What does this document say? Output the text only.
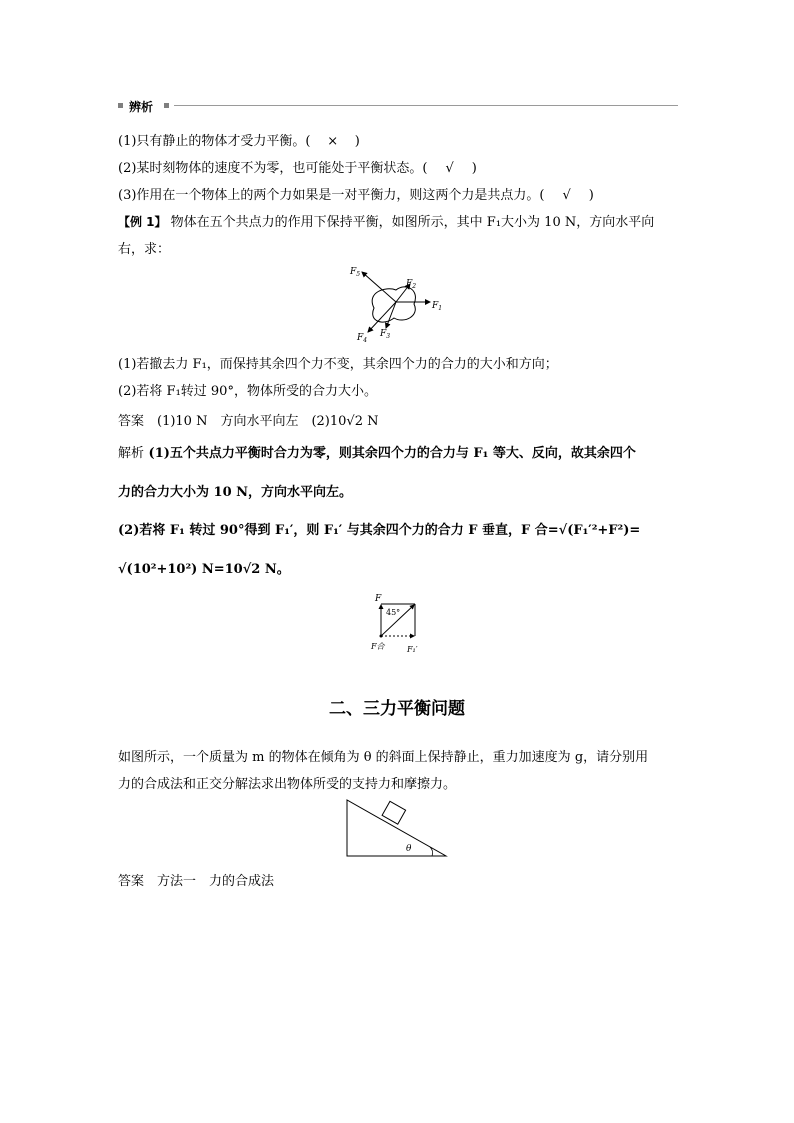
辨析
(1)只有静止的物体才受力平衡。( × )
(2)某时刻物体的速度不为零，也可能处于平衡状态。( √ )
(3)作用在一个物体上的两个力如果是一对平衡力，则这两个力是共点力。( √ )
【例 1】 物体在五个共点力的作用下保持平衡，如图所示，其中 F₁大小为 10 N，方向水平向
右，求：
$F_1$
$F_2$
$F_3$
$F_4$
$F_5$
(1)若撤去力 F₁，而保持其余四个力不变，其余四个力的合力的大小和方向；
(2)若将 F₁转过 90°，物体所受的合力大小。
答案　(1)10 N　方向水平向左　(2)10√2 N
解析 (1)五个共点力平衡时合力为零，则其余四个力的合力与 F₁ 等大、反向，故其余四个
力的合力大小为 10 N，方向水平向左。
(2)若将 F₁ 转过 90°得到 F₁′，则 F₁′ 与其余四个力的合力 F 垂直，F 合=√(F₁′²+F²)=
√(10²+10²) N=10√2 N。
F
45°
F合	F₁′
二、三力平衡问题
如图所示，一个质量为 m 的物体在倾角为 θ 的斜面上保持静止，重力加速度为 g，请分别用
力的合成法和正交分解法求出物体所受的支持力和摩擦力。
θ
答案　方法一　力的合成法
